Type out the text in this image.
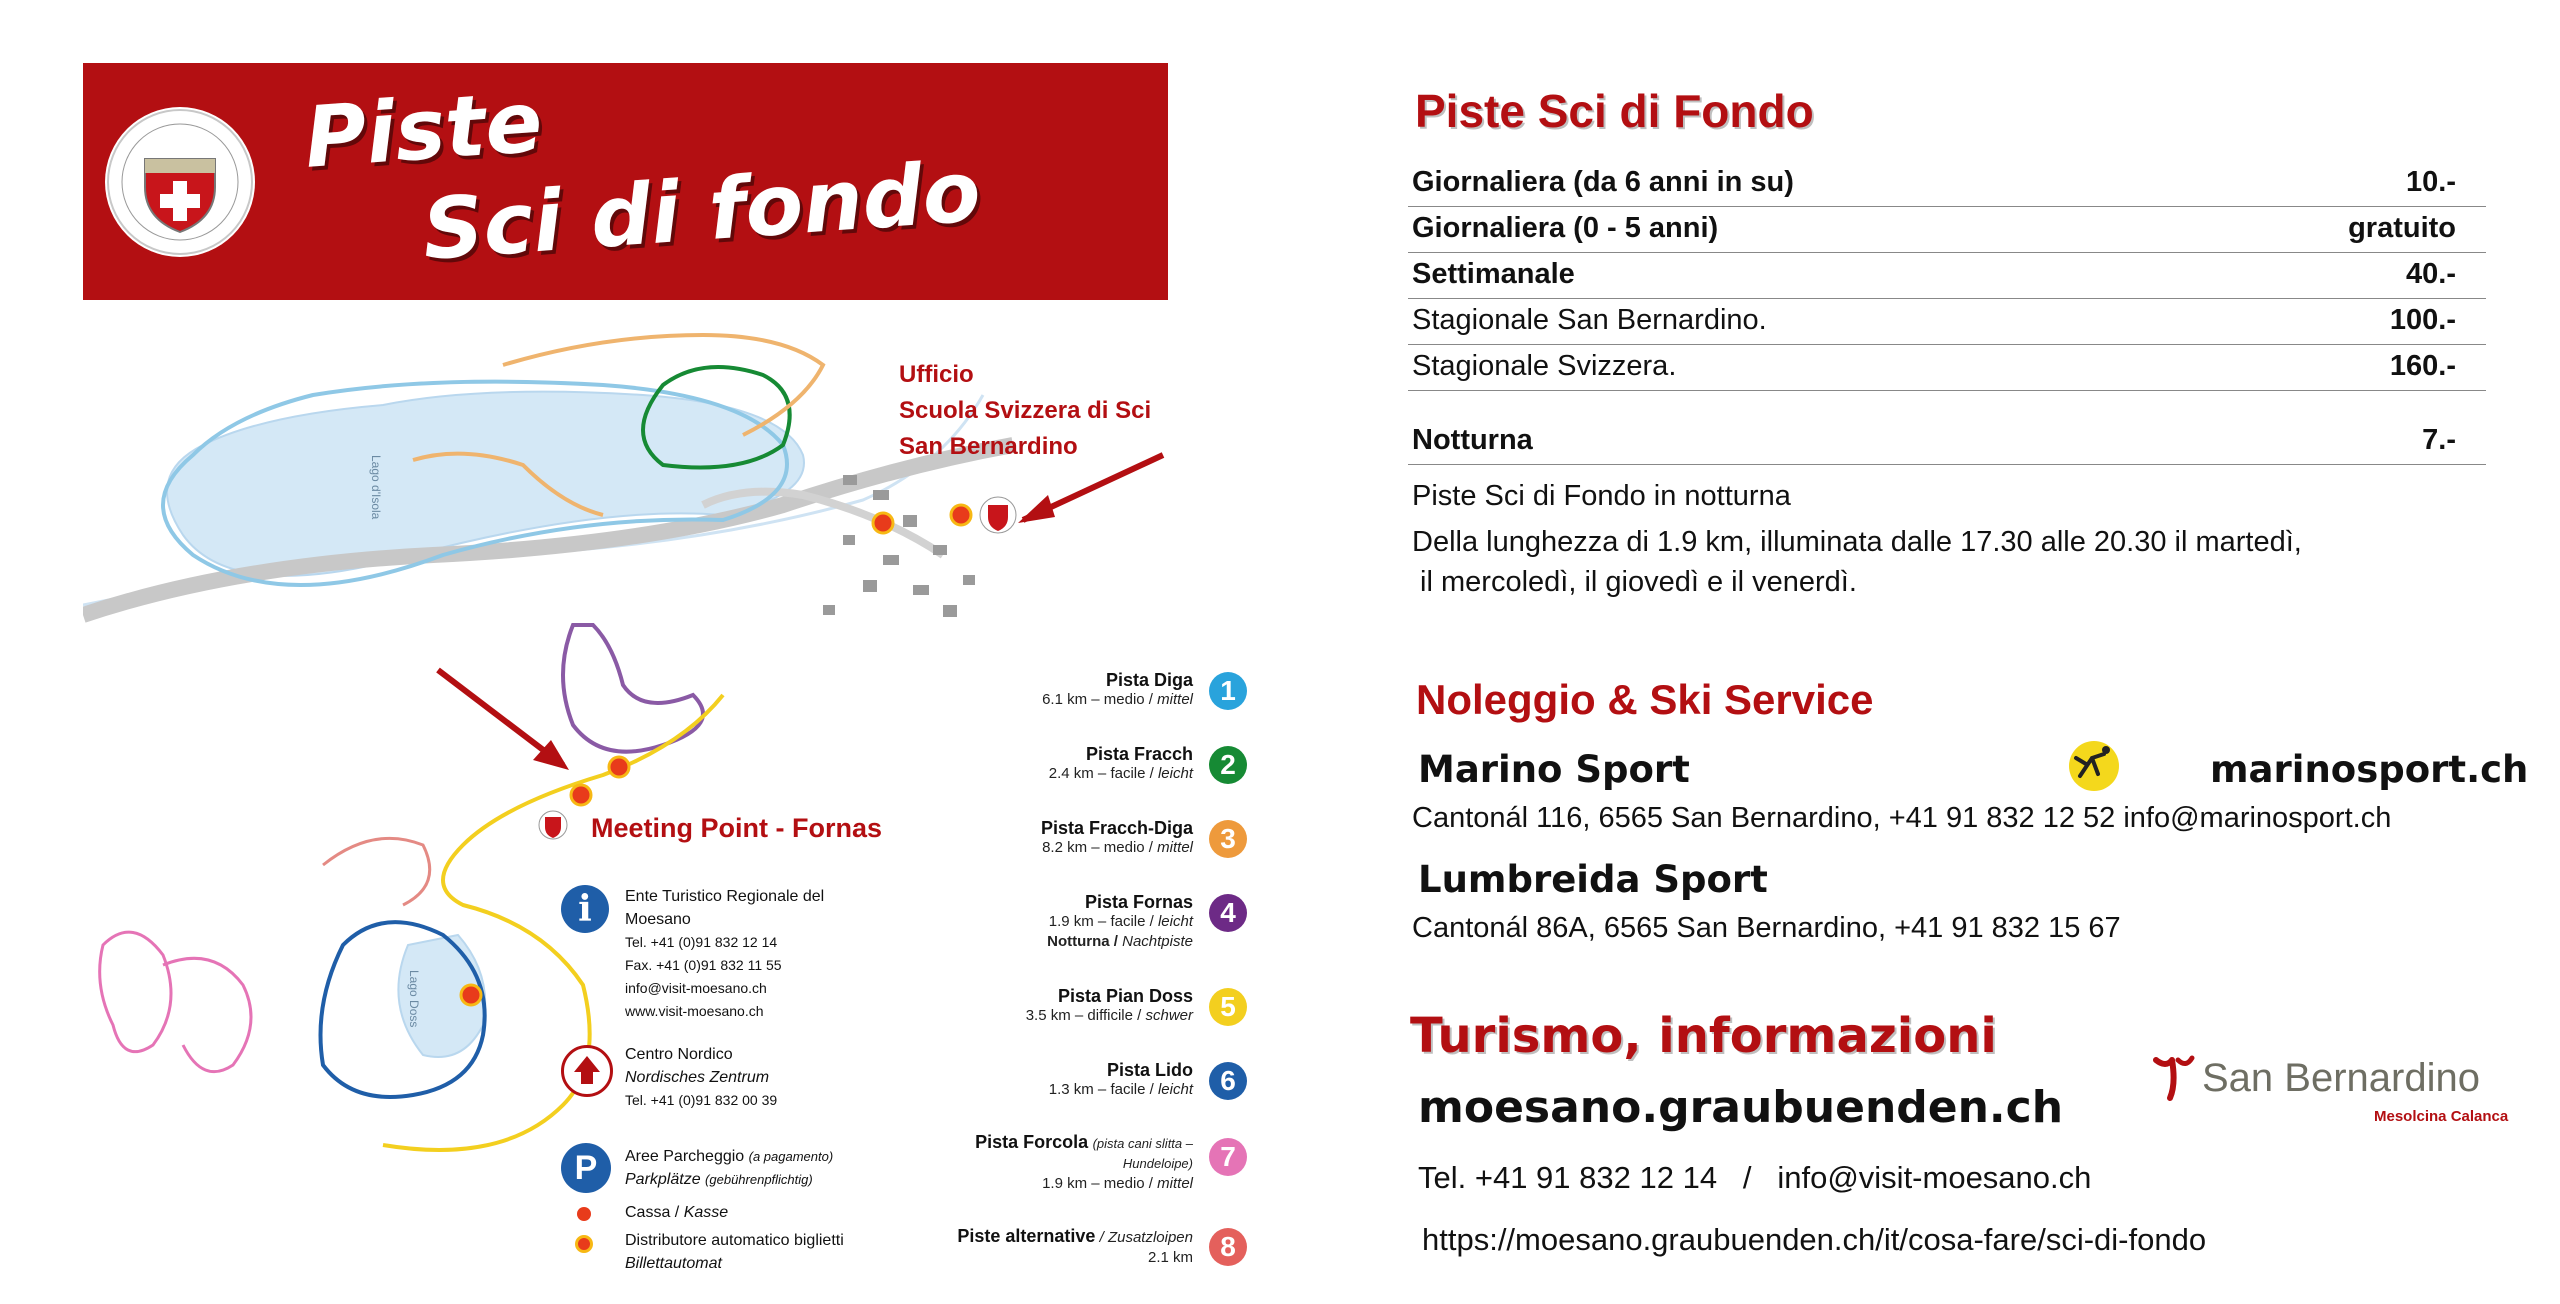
Piste
Sci di fondo
Lago d'Isola
Lago Doss
Ufficio
Scuola Svizzera di Sci
San Bernardino
Meeting Point - Fornas
Pista Diga
6.1 km – medio / mittel 1
Pista Fracch
2.4 km – facile / leicht 2
Pista Fracch-Diga
8.2 km – medio / mittel 3
Pista Fornas
1.9 km – facile / leicht
Notturna / Nachtpiste
4
Pista Pian Doss
3.5 km – difficile / schwer 5
Pista Lido
1.3 km – facile / leicht 6
Pista Forcola (pista cani slitta –
Hundeloipe)
1.9 km – medio / mittel
7
Piste alternative / Zusatzloipen
2.1 km 8
i	Ente Turistico Regionale del
Moesano
Tel. +41 (0)91 832 12 14
Fax. +41 (0)91 832 11 55
info@visit-moesano.ch
www.visit-moesano.ch
Centro Nordico
Nordisches Zentrum
Tel. +41 (0)91 832 00 39
P	Aree Parcheggio (a pagamento)
Parkplätze (gebührenpflichtig)
Cassa / Kasse
Distributore automatico biglietti
Billettautomat
Piste Sci di Fondo
Giornaliera (da 6 anni in su)	10.-
Giornaliera (0 - 5 anni)	gratuito
Settimanale	40.-
Stagionale San Bernardino.	100.-
Stagionale Svizzera.	160.-
Notturna	7.-
Piste Sci di Fondo in notturna
Della lunghezza di 1.9 km, illuminata dalle 17.30 alle 20.30 il martedì,
il mercoledì, il giovedì e il venerdì.
Noleggio & Ski Service
Marino Sport	marinosport.ch
Cantonál 116, 6565 San Bernardino, +41 91 832 12 52 info@marinosport.ch
Lumbreida Sport
Cantonál 86A, 6565 San Bernardino, +41 91 832 15 67
Turismo, informazioni
San Bernardino
Mesolcina Calanca
moesano.graubuenden.ch
Tel. +41 91 832 12 14   /   info@visit-moesano.ch
https://moesano.graubuenden.ch/it/cosa-fare/sci-di-fondo
